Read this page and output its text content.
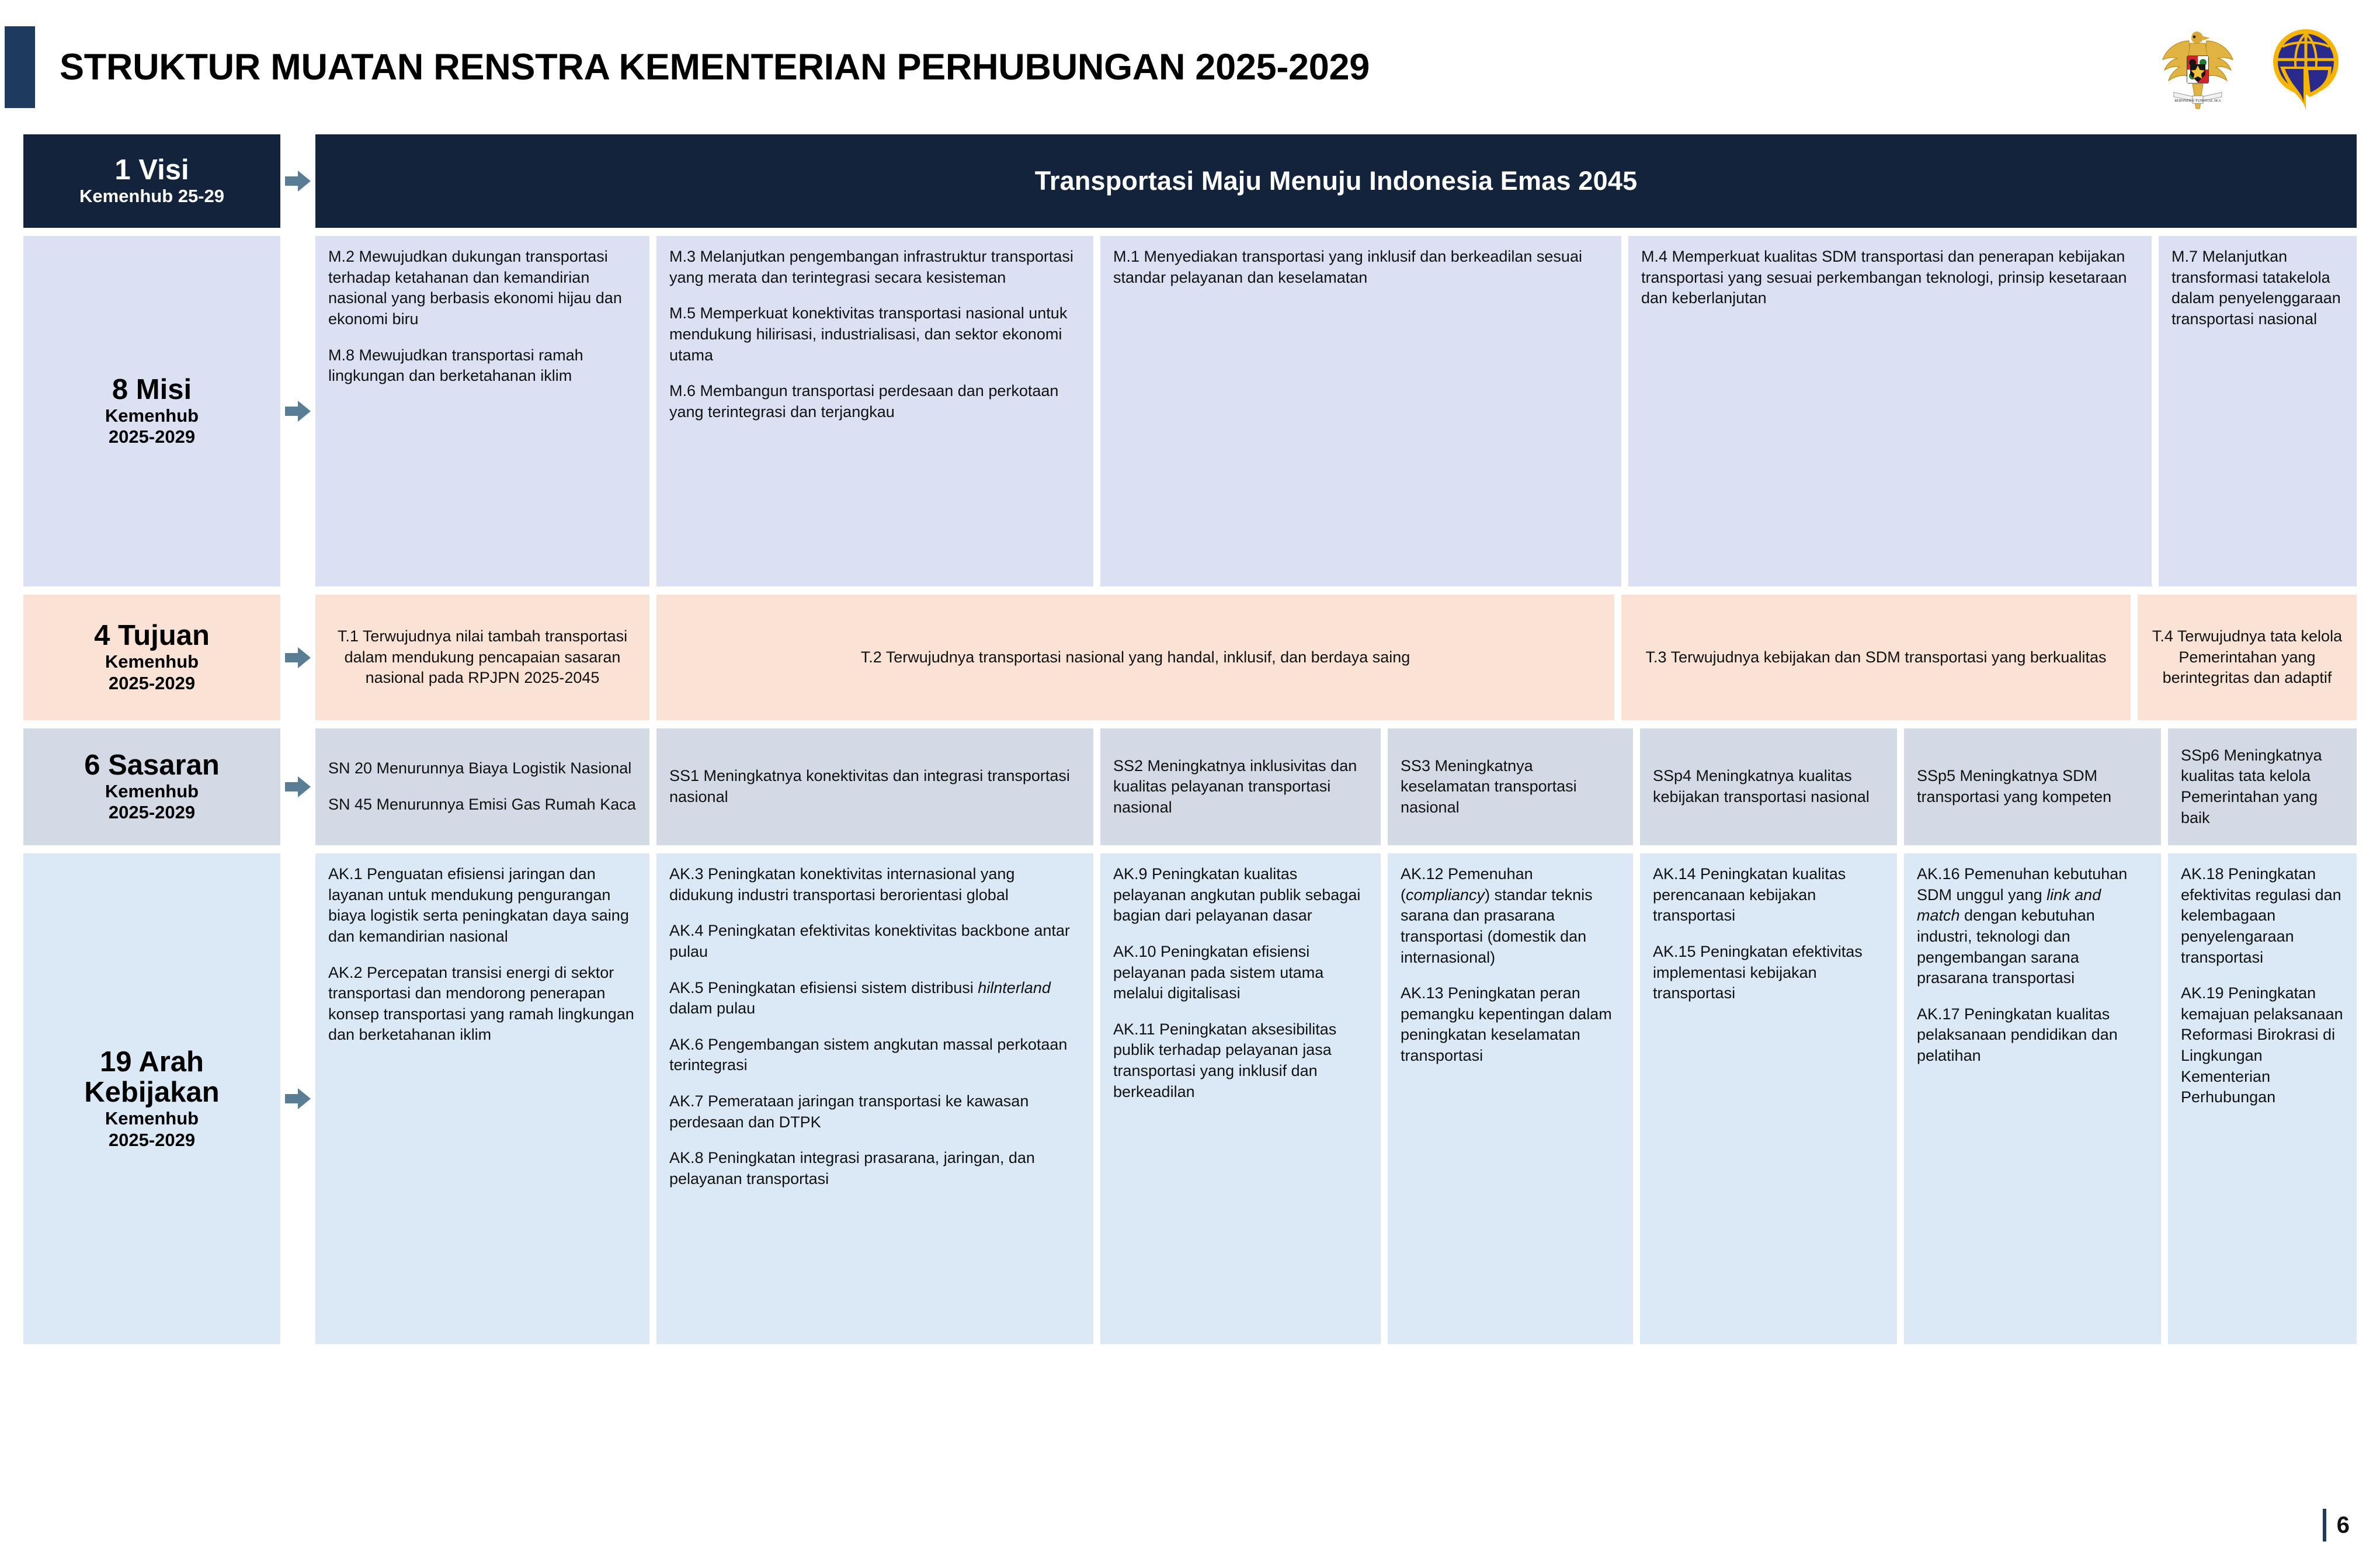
STRUKTUR MUATAN RENSTRA KEMENTERIAN PERHUBUNGAN 2025-2029
BHINNEKA TUNGGAL IKA
1 Visi
Kemenhub 25-29
Transportasi Maju Menuju Indonesia Emas 2045
8 Misi
Kemenhub
2025-2029

M.2 Mewujudkan dukungan transportasi terhadap ketahanan dan kemandirian nasional yang berbasis ekonomi hijau dan ekonomi biru

M.8 Mewujudkan transportasi ramah lingkungan dan berketahanan iklim

M.3 Melanjutkan pengembangan infrastruktur transportasi yang merata dan terintegrasi secara kesisteman

M.5 Memperkuat konektivitas transportasi nasional untuk mendukung hilirisasi, industrialisasi, dan sektor ekonomi utama

M.6 Membangun transportasi perdesaan dan perkotaan yang terintegrasi dan terjangkau

M.1 Menyediakan transportasi yang inklusif dan berkeadilan sesuai standar pelayanan dan keselamatan

M.4 Memperkuat kualitas SDM transportasi dan penerapan kebijakan transportasi yang sesuai perkembangan teknologi, prinsip kesetaraan dan keberlanjutan

M.7 Melanjutkan transformasi tatakelola dalam penyelenggaraan transportasi nasional

4 Tujuan
Kemenhub
2025-2029
T.1 Terwujudnya nilai tambah transportasi dalam mendukung pencapaian sasaran nasional pada RPJPN 2025-2045
T.2 Terwujudnya transportasi nasional yang handal, inklusif, dan berdaya saing	T.3 Terwujudnya kebijakan dan SDM transportasi yang berkualitas
T.4 Terwujudnya tata kelola Pemerintahan yang berintegritas dan adaptif
6 Sasaran
Kemenhub
2025-2029

SN 20 Menurunnya Biaya Logistik Nasional

SN 45 Menurunnya Emisi Gas Rumah Kaca

SS1 Meningkatnya konektivitas dan integrasi transportasi nasional
SS2 Meningkatnya inklusivitas dan kualitas pelayanan transportasi nasional
SS3 Meningkatnya keselamatan transportasi nasional
SSp4 Meningkatnya kualitas kebijakan transportasi nasional
SSp5 Meningkatnya SDM transportasi yang kompeten
SSp6 Meningkatnya kualitas tata kelola Pemerintahan yang baik
19 Arah
Kebijakan
Kemenhub
2025-2029

AK.1 Penguatan efisiensi jaringan dan layanan untuk mendukung pengurangan biaya logistik serta peningkatan daya saing dan kemandirian nasional

AK.2 Percepatan transisi energi di sektor transportasi dan mendorong penerapan konsep transportasi yang ramah lingkungan dan berketahanan iklim

AK.3 Peningkatan konektivitas internasional yang didukung industri transportasi berorientasi global

AK.4 Peningkatan efektivitas konektivitas backbone antar pulau

AK.5 Peningkatan efisiensi sistem distribusi hilnterland dalam pulau

AK.6 Pengembangan sistem angkutan massal perkotaan terintegrasi

AK.7 Pemerataan jaringan transportasi ke kawasan perdesaan dan DTPK

AK.8 Peningkatan integrasi prasarana, jaringan, dan pelayanan transportasi

AK.9 Peningkatan kualitas pelayanan angkutan publik sebagai bagian dari pelayanan dasar

AK.10 Peningkatan efisiensi pelayanan pada sistem utama melalui digitalisasi

AK.11 Peningkatan aksesibilitas publik terhadap pelayanan jasa transportasi yang inklusif dan berkeadilan

AK.12 Pemenuhan (compliancy) standar teknis sarana dan prasarana transportasi (domestik dan internasional)

AK.13 Peningkatan peran pemangku kepentingan dalam peningkatan keselamatan transportasi

AK.14 Peningkatan kualitas perencanaan kebijakan transportasi

AK.15 Peningkatan efektivitas implementasi kebijakan transportasi

AK.16 Pemenuhan kebutuhan SDM unggul yang link and match dengan kebutuhan industri, teknologi dan pengembangan sarana prasarana transportasi

AK.17 Peningkatan kualitas pelaksanaan pendidikan dan pelatihan

AK.18 Peningkatan efektivitas regulasi dan kelembagaan penyelengaraan transportasi

AK.19 Peningkatan kemajuan pelaksanaan Reformasi Birokrasi di Lingkungan Kementerian Perhubungan

6
